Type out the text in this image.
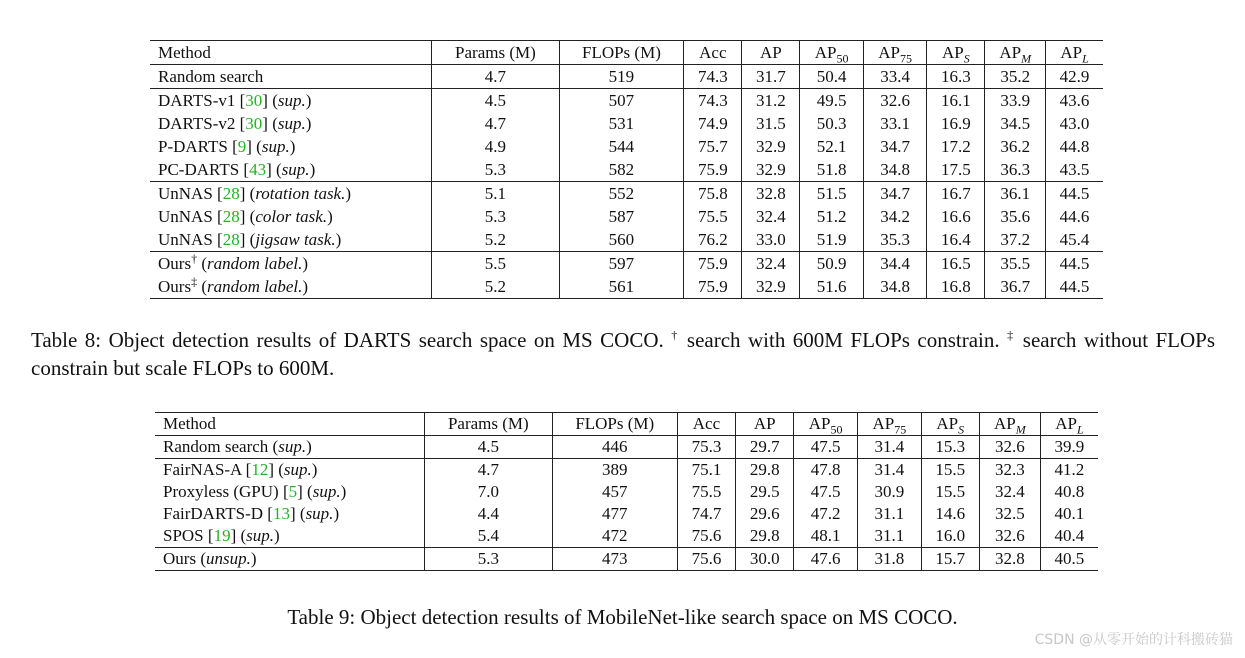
Method	Params (M)	FLOPs (M)	Acc	AP	$AP_{50}$	$AP_{75}$	$AP_S$	$AP_M$	$AP_L$
Random search	4.7	519	74.3	31.7	50.4	33.4	16.3	35.2	42.9
DARTS-v1 [30] (sup.)	4.5	507	74.3	31.2	49.5	32.6	16.1	33.9	43.6
DARTS-v2 [30] (sup.)	4.7	531	74.9	31.5	50.3	33.1	16.9	34.5	43.0
P-DARTS [9] (sup.)	4.9	544	75.7	32.9	52.1	34.7	17.2	36.2	44.8
PC-DARTS [43] (sup.)	5.3	582	75.9	32.9	51.8	34.8	17.5	36.3	43.5
UnNAS [28] (rotation task.)	5.1	552	75.8	32.8	51.5	34.7	16.7	36.1	44.5
UnNAS [28] (color task.)	5.3	587	75.5	32.4	51.2	34.2	16.6	35.6	44.6
UnNAS [28] (jigsaw task.)	5.2	560	76.2	33.0	51.9	35.3	16.4	37.2	45.4
Ours† (random label.)	5.5	597	75.9	32.4	50.9	34.4	16.5	35.5	44.5
Ours‡ (random label.)	5.2	561	75.9	32.9	51.6	34.8	16.8	36.7	44.5
Table 8: Object detection results of DARTS search space on MS COCO. † search with 600M FLOPs constrain. ‡ search without FLOPs constrain but scale FLOPs to 600M.
Method	Params (M)	FLOPs (M)	Acc	AP	$AP_{50}$	$AP_{75}$	$AP_S$	$AP_M$	$AP_L$
Random search (sup.)	4.5	446	75.3	29.7	47.5	31.4	15.3	32.6	39.9
FairNAS-A [12] (sup.)	4.7	389	75.1	29.8	47.8	31.4	15.5	32.3	41.2
Proxyless (GPU) [5] (sup.)	7.0	457	75.5	29.5	47.5	30.9	15.5	32.4	40.8
FairDARTS-D [13] (sup.)	4.4	477	74.7	29.6	47.2	31.1	14.6	32.5	40.1
SPOS [19] (sup.)	5.4	472	75.6	29.8	48.1	31.1	16.0	32.6	40.4
Ours (unsup.)	5.3	473	75.6	30.0	47.6	31.8	15.7	32.8	40.5
Table 9: Object detection results of MobileNet-like search space on MS COCO.
CSDN @从零开始的计科搬砖猫
